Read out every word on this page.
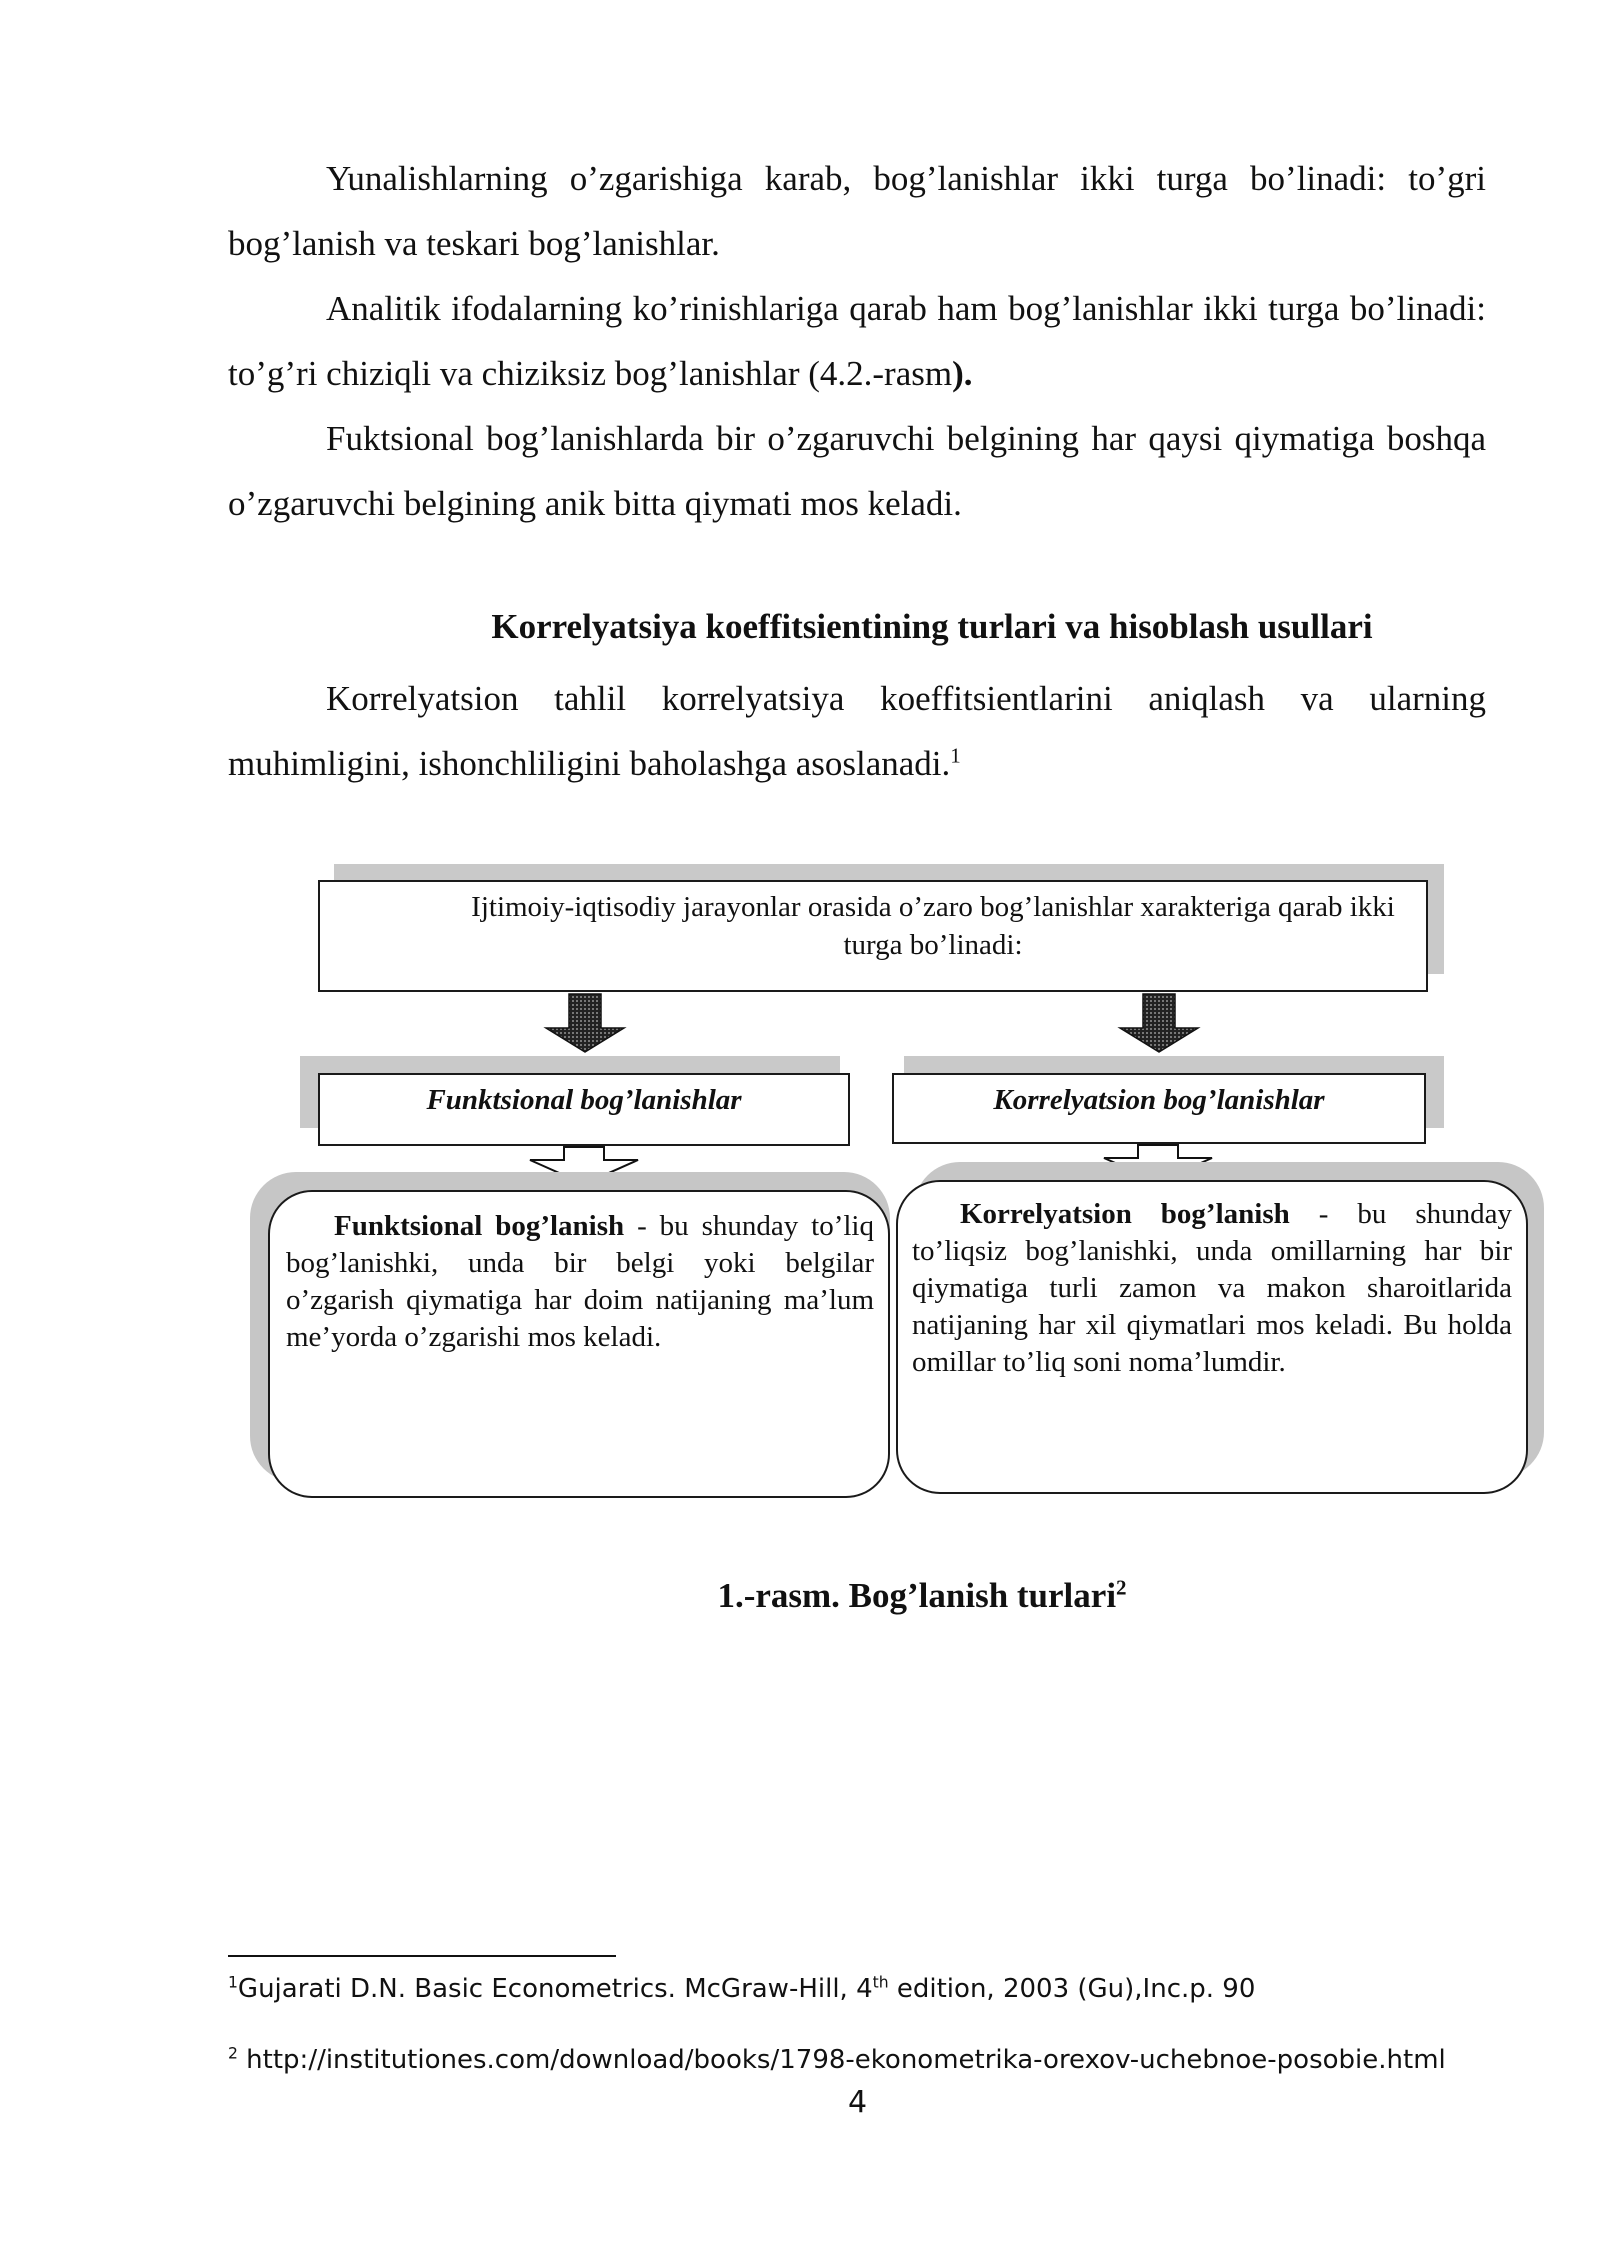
Yunalishlarning o’zgarishiga karab, bog’lanishlar ikki turga bo’linadi: to’gri bog’lanish va teskari bog’lanishlar.

Analitik ifodalarning ko’rinishlariga qarab ham bog’lanishlar ikki turga bo’linadi: to’g’ri chiziqli va chiziksiz bog’lanishlar (4.2.-rasm).

Fuktsional bog’lanishlarda bir o’zgaruvchi belgining har qaysi qiymatiga boshqa o’zgaruvchi belgining anik bitta qiymati mos keladi.

Korrelyatsiya koeffitsientining turlari va hisoblash usullari

Korrelyatsion tahlil korrelyatsiya koeffitsientlarini aniqlash va ularning muhimligini, ishonchliligini baholashga asoslanadi.$^1$

Ijtimoiy-iqtisodiy jarayonlar orasida o’zaro bog’lanishlar xarakteriga qarab ikki turga bo’linadi:
Funktsional bog’lanishlar	Korrelyatsion bog’lanishlar
Funktsional bog’lanish - bu shunday to’liq bog’lanishki, unda bir belgi yoki belgilar o’zgarish qiymatiga har doim natijaning ma’lum me’yorda o’zgarishi mos keladi.
Korrelyatsion bog’lanish - bu shunday to’liqsiz bog’lanishki, unda omillarning har bir qiymatiga turli zamon va makon sharoitlarida natijaning har xil qiymatlari mos keladi. Bu holda omillar to’liq soni noma’lumdir.
1.-rasm. Bog’lanish turlari$^2$
$^1$Gujarati D.N. Basic Econometrics. McGraw-Hill, 4th edition, 2003 (Gu),Inc.p. 90
$^2$ http://institutiones.com/download/books/1798-ekonometrika-orexov-uchebnoe-posobie.html
4
